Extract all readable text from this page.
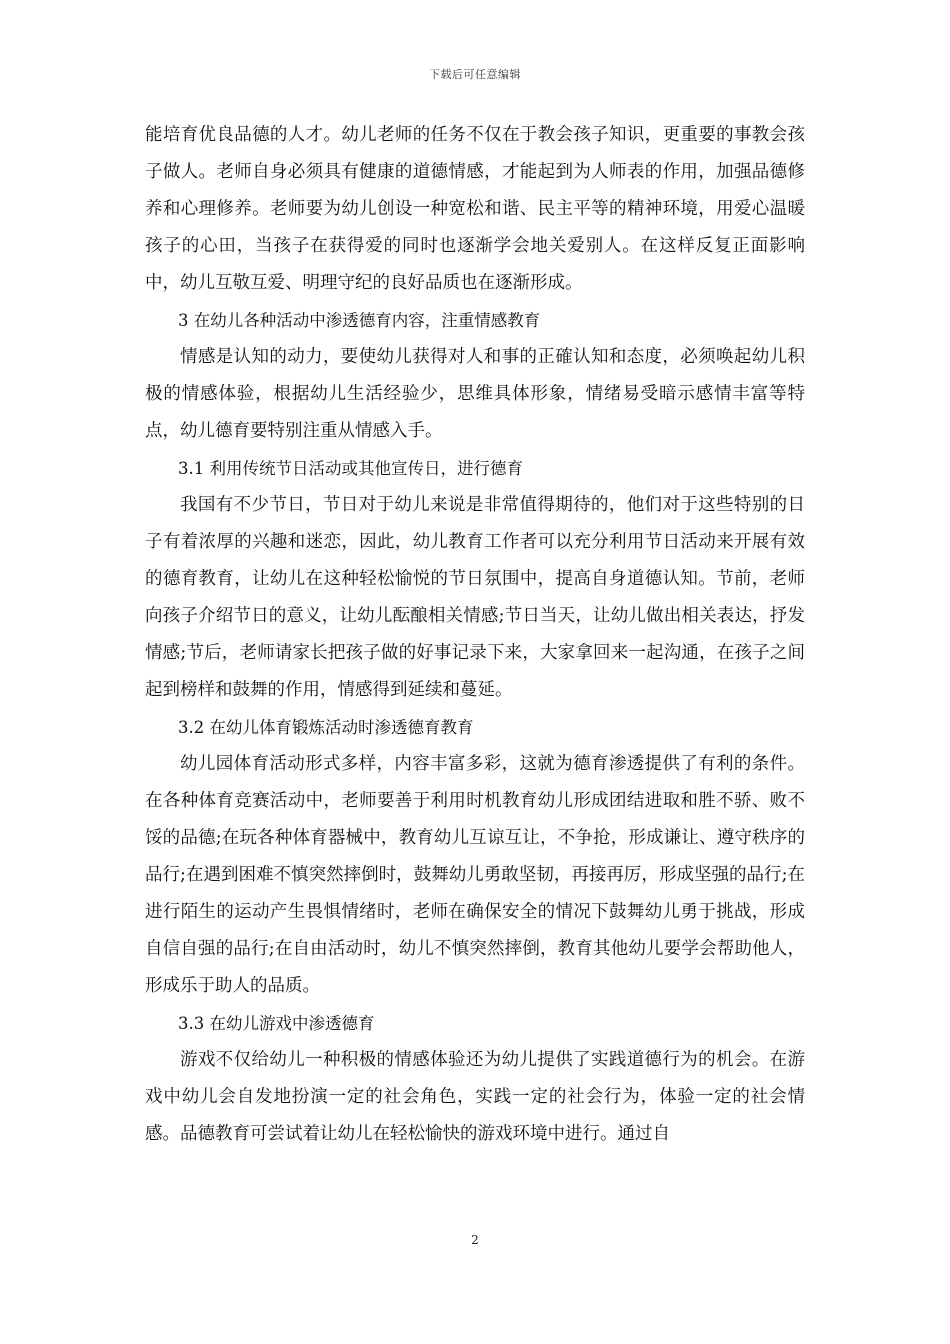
下载后可任意编辑

能培育优良品德的人才。幼儿老师的任务不仅在于教会孩子知识，更重要的事教会孩子做人。老师自身必须具有健康的道德情感，才能起到为人师表的作用，加强品德修养和心理修养。老师要为幼儿创设一种宽松和谐、民主平等的精神环境，用爱心温暖孩子的心田，当孩子在获得爱的同时也逐渐学会地关爱别人。在这样反复正面影响中，幼儿互敬互爱、明理守纪的良好品质也在逐渐形成。

3 在幼儿各种活动中渗透德育内容，注重情感教育

情感是认知的动力，要使幼儿获得对人和事的正確认知和态度，必须唤起幼儿积极的情感体验，根据幼儿生活经验少，思维具体形象，情绪易受暗示感情丰富等特点，幼儿德育要特别注重从情感入手。

3.1 利用传统节日活动或其他宣传日，进行德育

我国有不少节日，节日对于幼儿来说是非常值得期待的，他们对于这些特别的日子有着浓厚的兴趣和迷恋，因此，幼儿教育工作者可以充分利用节日活动来开展有效的德育教育，让幼儿在这种轻松愉悦的节日氛围中，提高自身道德认知。节前，老师向孩子介绍节日的意义，让幼儿酝酿相关情感;节日当天，让幼儿做出相关表达，抒发情感;节后，老师请家长把孩子做的好事记录下来，大家拿回来一起沟通，在孩子之间起到榜样和鼓舞的作用，情感得到延续和蔓延。

3.2 在幼儿体育锻炼活动时渗透德育教育

幼儿园体育活动形式多样，内容丰富多彩，这就为德育渗透提供了有利的条件。在各种体育竞赛活动中，老师要善于利用时机教育幼儿形成团结进取和胜不骄、败不馁的品德;在玩各种体育器械中，教育幼儿互谅互让，不争抢，形成谦让、遵守秩序的品行;在遇到困难不慎突然摔倒时，鼓舞幼儿勇敢坚韧，再接再厉，形成坚强的品行;在进行陌生的运动产生畏惧情绪时，老师在确保安全的情况下鼓舞幼儿勇于挑战，形成自信自强的品行;在自由活动时，幼儿不慎突然摔倒，教育其他幼儿要学会帮助他人，形成乐于助人的品质。

3.3 在幼儿游戏中渗透德育

游戏不仅给幼儿一种积极的情感体验还为幼儿提供了实践道德行为的机会。在游戏中幼儿会自发地扮演一定的社会角色，实践一定的社会行为，体验一定的社会情感。品德教育可尝试着让幼儿在轻松愉快的游戏环境中进行。通过自

2
